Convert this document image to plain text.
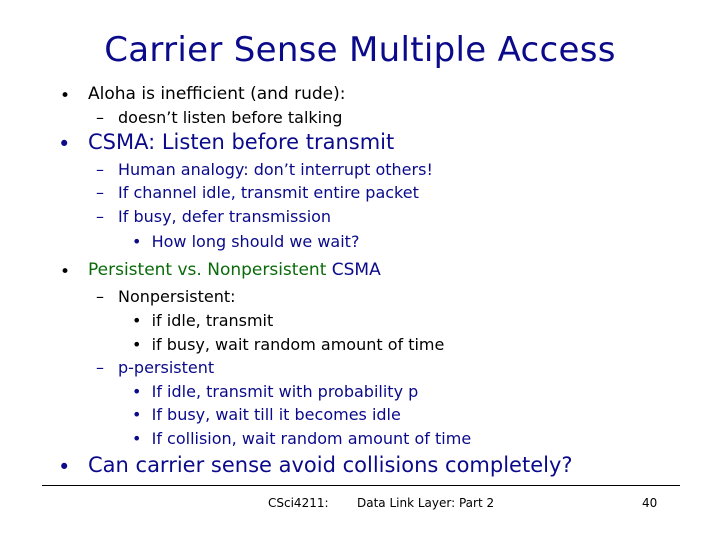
Carrier Sense Multiple Access
• Aloha is inefficient (and rude):
– doesn’t listen before talking
• CSMA: Listen before transmit
– Human analogy: don’t interrupt others!
– If channel idle, transmit entire packet
– If busy, defer transmission
• How long should we wait?
• Persistent vs. Nonpersistent CSMA
– Nonpersistent:
• if idle, transmit
• if busy, wait random amount of time
– p-persistent
• If idle, transmit with probability p
• If busy, wait till it becomes idle
• If collision, wait random amount of time
• Can carrier sense avoid collisions completely?
CSci4211: Data Link Layer: Part 2	40
